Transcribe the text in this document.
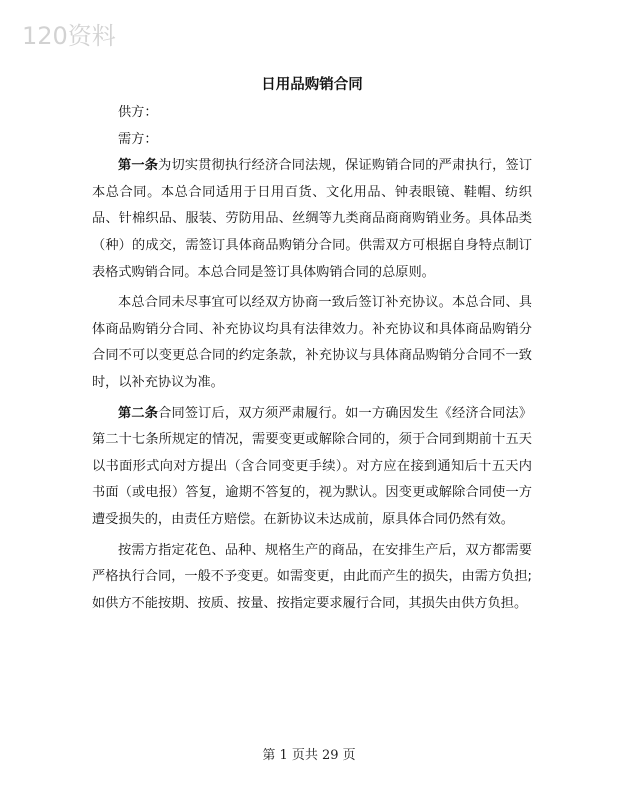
120资料
日用品购销合同
供方：
需方：

第一条为切实贯彻执行经济合同法规，保证购销合同的严肃执行，签订本总合同。本总合同适用于日用百货、文化用品、钟表眼镜、鞋帽、纺织品、针棉织品、服装、劳防用品、丝绸等九类商品商商购销业务。具体品类（种）的成交，需签订具体商品购销分合同。供需双方可根据自身特点制订表格式购销合同。本总合同是签订具体购销合同的总原则。

本总合同未尽事宜可以经双方协商一致后签订补充协议。本总合同、具体商品购销分合同、补充协议均具有法律效力。补充协议和具体商品购销分合同不可以变更总合同的约定条款，补充协议与具体商品购销分合同不一致时，以补充协议为准。

第二条合同签订后，双方须严肃履行。如一方确因发生《经济合同法》第二十七条所规定的情况，需要变更或解除合同的，须于合同到期前十五天以书面形式向对方提出（含合同变更手续）。对方应在接到通知后十五天内书面（或电报）答复，逾期不答复的，视为默认。因变更或解除合同使一方遭受损失的，由责任方赔偿。在新协议未达成前，原具体合同仍然有效。

按需方指定花色、品种、规格生产的商品，在安排生产后，双方都需要严格执行合同，一般不予变更。如需变更，由此而产生的损失，由需方负担;如供方不能按期、按质、按量、按指定要求履行合同，其损失由供方负担。

第 1 页共 29 页
